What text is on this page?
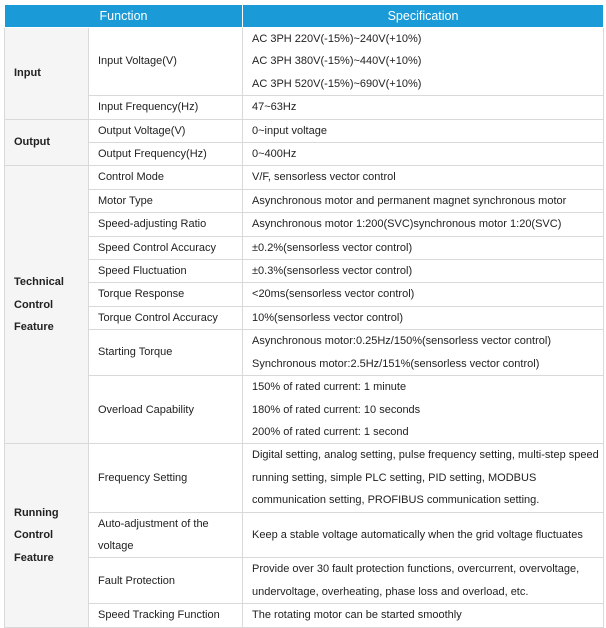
Function		Specification

Input	Input Voltage(V)	AC 3PH 220V(-15%)~240V(+10%)
AC 3PH 380V(-15%)~440V(+10%)
AC 3PH 520V(-15%)~690V(+10%)

	Input Frequency(Hz)	47~63Hz

Output	Output Voltage(V)	0~input voltage

	Output Frequency(Hz)	0~400Hz

Technical
Control
Feature	Control Mode	V/F, sensorless vector control

	Motor Type	Asynchronous motor and permanent magnet synchronous motor

	Speed-adjusting Ratio	Asynchronous motor 1:200(SVC)synchronous motor 1:20(SVC)

	Speed Control Accuracy	±0.2%(sensorless vector control)

	Speed Fluctuation	±0.3%(sensorless vector control)

	Torque Response	<20ms(sensorless vector control)

	Torque Control Accuracy	10%(sensorless vector control)

	Starting Torque	Asynchronous motor:0.25Hz/150%(sensorless vector control)
Synchronous motor:2.5Hz/151%(sensorless vector control)

	Overload Capability	150% of rated current: 1 minute
180% of rated current: 10 seconds
200% of rated current: 1 second

Running
Control
Feature	Frequency Setting	Digital setting, analog setting, pulse frequency setting, multi-step speed
running setting, simple PLC setting, PID setting, MODBUS
communication setting, PROFIBUS communication setting.

	Auto-adjustment of the
voltage	Keep a stable voltage automatically when the grid voltage fluctuates

	Fault Protection	Provide over 30 fault protection functions, overcurrent, overvoltage,
undervoltage, overheating, phase loss and overload, etc.

	Speed Tracking Function	The rotating motor can be started smoothly
